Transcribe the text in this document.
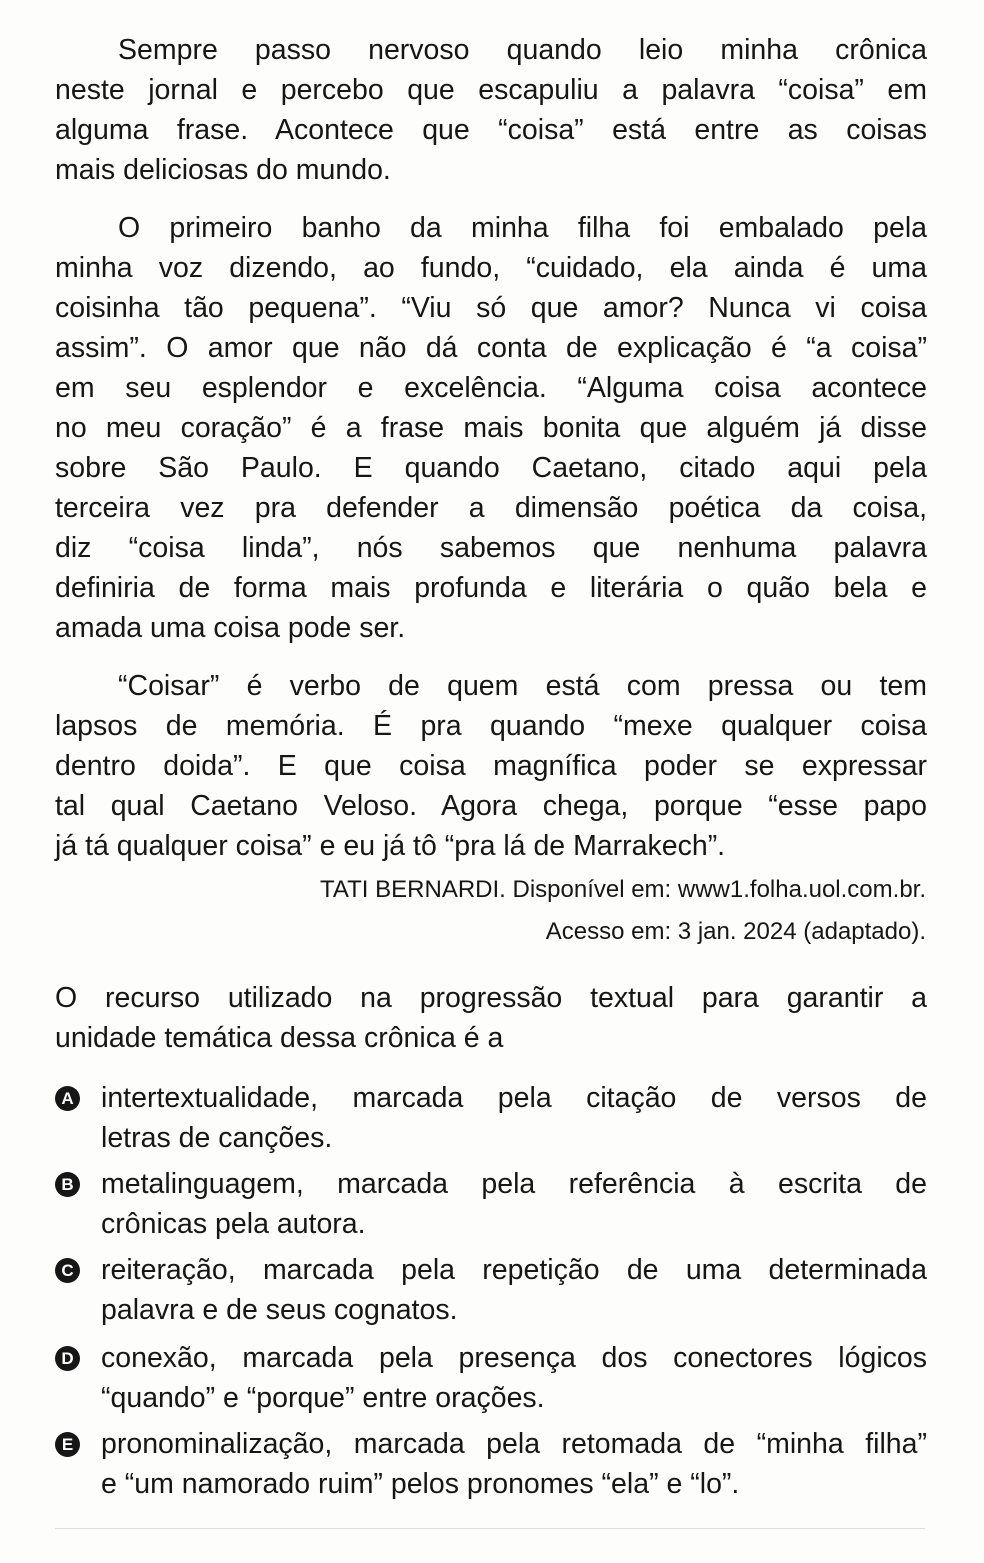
Sempre passo nervoso quando leio minha crônica
neste jornal e percebo que escapuliu a palavra “coisa” em
alguma frase. Acontece que “coisa” está entre as coisas
mais deliciosas do mundo.
O primeiro banho da minha filha foi embalado pela
minha voz dizendo, ao fundo, “cuidado, ela ainda é uma
coisinha tão pequena”. “Viu só que amor? Nunca vi coisa
assim”. O amor que não dá conta de explicação é “a coisa”
em seu esplendor e excelência. “Alguma coisa acontece
no meu coração” é a frase mais bonita que alguém já disse
sobre São Paulo. E quando Caetano, citado aqui pela
terceira vez pra defender a dimensão poética da coisa,
diz “coisa linda”, nós sabemos que nenhuma palavra
definiria de forma mais profunda e literária o quão bela e
amada uma coisa pode ser.
“Coisar” é verbo de quem está com pressa ou tem
lapsos de memória. É pra quando “mexe qualquer coisa
dentro doida”. E que coisa magnífica poder se expressar
tal qual Caetano Veloso. Agora chega, porque “esse papo
já tá qualquer coisa” e eu já tô “pra lá de Marrakech”.
TATI BERNARDI. Disponível em: www1.folha.uol.com.br.
Acesso em: 3 jan. 2024 (adaptado).
O recurso utilizado na progressão textual para garantir a
unidade temática dessa crônica é a
A intertextualidade, marcada pela citação de versos de
letras de canções.
B metalinguagem, marcada pela referência à escrita de
crônicas pela autora.
C reiteração, marcada pela repetição de uma determinada
palavra e de seus cognatos.
D conexão, marcada pela presença dos conectores lógicos
“quando” e “porque” entre orações.
E pronominalização, marcada pela retomada de “minha filha”
e “um namorado ruim” pelos pronomes “ela” e “lo”.
